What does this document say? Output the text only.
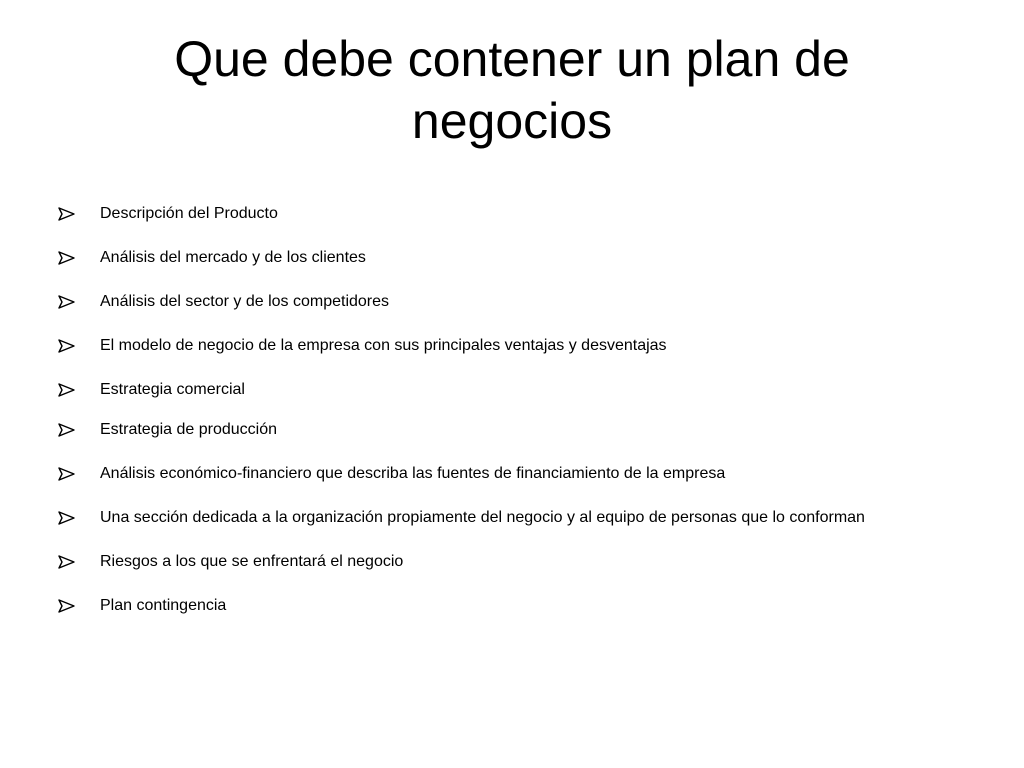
Que debe contener un plan de negocios
Descripción del Producto
Análisis del mercado y de los clientes
Análisis del sector y de los competidores
El modelo de negocio de la empresa con sus principales ventajas y desventajas
Estrategia comercial
Estrategia de producción
Análisis económico-financiero que describa las fuentes de financiamiento de la empresa
Una sección dedicada a la organización propiamente del negocio y al equipo de personas que lo conforman
Riesgos a los que se enfrentará el negocio
Plan contingencia
